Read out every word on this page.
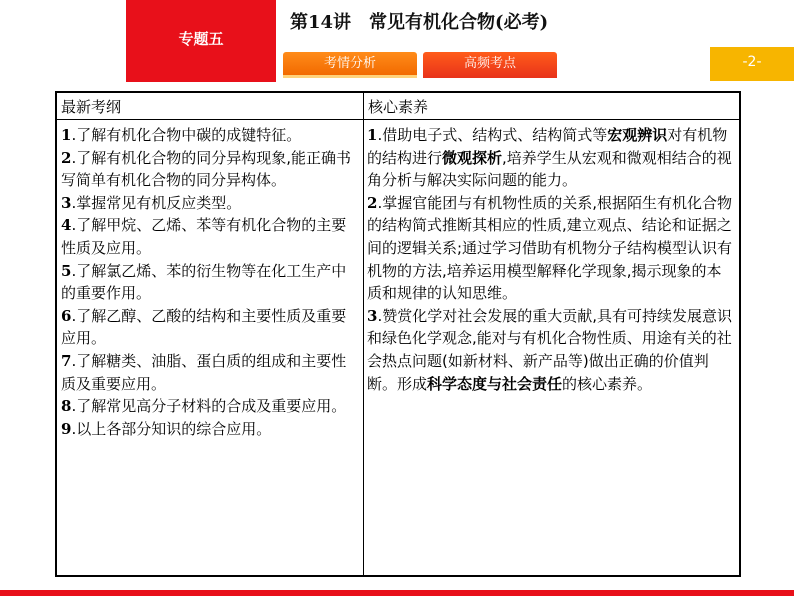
专题五
第14讲　常见有机化合物(必考)
考情分析	高频考点	-2-
最新考纲
1.了解有机化合物中碳的成键特征。
2.了解有机化合物的同分异构现象,能正确书写简单有机化合物的同分异构体。
3.掌握常见有机反应类型。
4.了解甲烷、乙烯、苯等有机化合物的主要性质及应用。
5.了解氯乙烯、苯的衍生物等在化工生产中的重要作用。
6.了解乙醇、乙酸的结构和主要性质及重要应用。
7.了解糖类、油脂、蛋白质的组成和主要性质及重要应用。
8.了解常见高分子材料的合成及重要应用。
9.以上各部分知识的综合应用。
核心素养
1.借助电子式、结构式、结构简式等宏观辨识对有机物的结构进行微观探析,培养学生从宏观和微观相结合的视角分析与解决实际问题的能力。
2.掌握官能团与有机物性质的关系,根据陌生有机化合物的结构简式推断其相应的性质,建立观点、结论和证据之间的逻辑关系;通过学习借助有机物分子结构模型认识有机物的方法,培养运用模型解释化学现象,揭示现象的本质和规律的认知思维。
3.赞赏化学对社会发展的重大贡献,具有可持续发展意识和绿色化学观念,能对与有机化合物性质、用途有关的社会热点问题(如新材料、新产品等)做出正确的价值判断。形成科学态度与社会责任的核心素养。
